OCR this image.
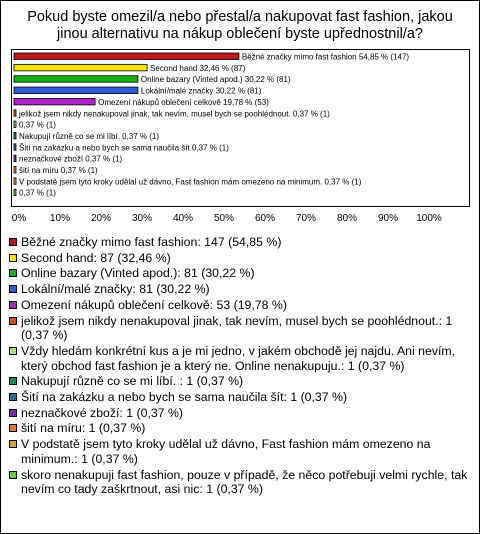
Pokud byste omezil/a nebo přestal/a nakupovat fast fashion, jakou jinou alternativu na nákup oblečení byste upřednostnil/a?
Běžné značky mimo fast fashion 54,85 % (147)
Second hand 32,46 % (87)
Online bazary (Vinted apod.) 30,22 % (81)
Lokální/malé značky 30,22 % (81)
Omezení nákupů oblečení celkově 19,78 % (53)
jelikož jsem nikdy nenakupoval jinak, tak nevím, musel bych se poohlédnout. 0,37 % (1)
0,37 % (1)
Nakupují různě co se mi líbí. 0,37 % (1)
Šití na zakázku a nebo bych se sama naučila šít 0,37 % (1)
neznačkové zboží 0,37 % (1)
šití na míru 0,37 % (1)
V podstatě jsem tyto kroky udělal už dávno, Fast fashion mám omezeno na minimum. 0,37 % (1)
0,37 % (1)
0% 10% 20% 30% 40% 50% 60% 70% 80% 90% 100%
Běžné značky mimo fast fashion: 147 (54,85 %)
Second hand: 87 (32,46 %)
Online bazary (Vinted apod.): 81 (30,22 %)
Lokální/malé značky: 81 (30,22 %)
Omezení nákupů oblečení celkově: 53 (19,78 %)
jelikož jsem nikdy nenakupoval jinak, tak nevím, musel bych se poohlédnout.: 1 (0,37 %)
Vždy hledám konkrétní kus a je mi jedno, v jakém obchodě jej najdu. Ani nevím, který obchod fast fashion je a který ne. Online nenakupuju.: 1 (0,37 %)
Nakupují různě co se mi líbí. : 1 (0,37 %)
Šití na zakázku a nebo bych se sama naučila šít: 1 (0,37 %)
neznačkové zboží: 1 (0,37 %)
šití na míru: 1 (0,37 %)
V podstatě jsem tyto kroky udělal už dávno, Fast fashion mám omezeno na minimum.: 1 (0,37 %)
skoro nenakupuji fast fashion, pouze v případě, že něco potřebuji velmi rychle, tak nevím co tady zaškrtnout, asi nic: 1 (0,37 %)
